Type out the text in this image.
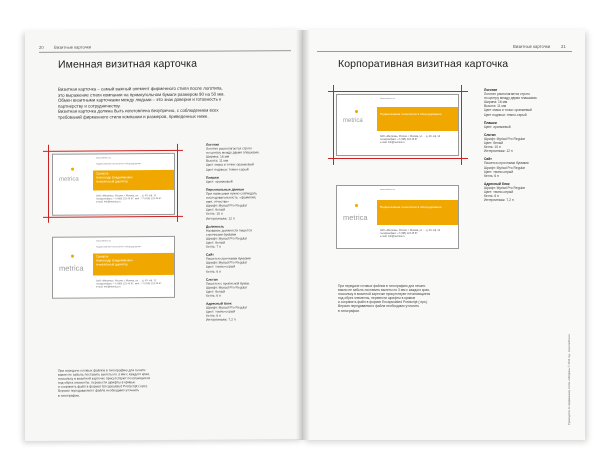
20 Визитные карточки
Именная визитная карточка
Визитная карточка – самый важный элемент фирменного стиля после логотипа,
это выражение стиля компании на прямоугольном бумаги размером 90 на 50 мм.
Обмен визитными карточками между людьми – это знак доверия и готовность к
партнерству и сотрудничеству.
Визитная карточка должна быть изготовлена безупречно, с соблюдением всех
требований фирменного стиля компании и размеров, приведенных ниже.
www.metrica.ru
Подмосковная технологии в обороудовании
metrica
Сумаров
Александр Владимирович
генеральный директор
ЗАО «Метрика», Россия, г. Москва, ул. ... д. 40, оф. 12
телефон/факс: +7 (495) 123 45 67, моб.: +7 (916) 123 45 67
e-mail: info@metrica.ru
www.metrica.ru
Подмосковная технологии в обороудовании
metrica
Сумаров
Александр Владимирович
генеральный директор
ЗАО «Метрика», Россия, г. Москва, ул. ... д. 40, оф. 12
телефон/факс: +7 (495) 123 45 67, моб.: +7 (916) 123 45 67
e-mail: info@metrica.ru
Логотип
Логотип располагается строго
по центру между двумя плашками.
Ширина: 16 мм
Высота: 11 мм
Цвет знака и точки: оранжевый
Цвет подписи: темно-серый
Плашки
Цвет: оранжевый
Персональные данные
При написании нужно соблюдать
последовательность: «фамилия,
имя, отчество»
Шрифт: Myriad Pro Regular
Цвет: белый
Кегль: 10 п
Интерлиньяж: 12 п
Должность
Название должности пишется
строчными буквами
Шрифт: Myriad Pro Regular
Цвет: белый
Кегль: 7 п
Сайт
Пишется строчными буквами
Шрифт: Myriad Pro Regular
Цвет: темно-серый
Кегль: 6 п
Слоган
Пишется с прописной буквы.
Шрифт: Myriad Pro Regular
Цвет: белый
Кегль: 6 п
Адресный блок
Шрифт: Myriad Pro Regular
Цвет: темно-серый
Кегль: 6 п
Интерлиньяж: 7,2 п
При передаче готовых файлов в типографию для печати
важно не забыть поставить вылеты по 3 мм с каждого края,
поскольку в визитной карточке присутствуют печатающиеся
под обрез элементы. перевести шрифты в кривые
и сохранить файл в формат Encapsulated Postscript (.eps).
Версию передаваемого файла необходимо уточнить
в типографии.
Визитные карточки	21
Корпоративная визитная карточка
www.metrica.ru
metrica
Подмосковная технологии в обороудовании
ЗАО «Метрика», Россия, г. Москва, ул. ... д. 40, оф. 12
телефон/факс: +7 (495) 123 45 67
e-mail: info@metrica.ru
www.metrica.ru
metrica
Подмосковная технологии в обороудовании
ЗАО «Метрика», Россия, г. Москва, ул. ... д. 40, оф. 12
телефон/факс: +7 (495) 123 45 67
e-mail: info@metrica.ru
Логотип
Логотип располагается строго
по центру между двумя плашками.
Ширина: 16 мм
Высота: 11 мм
Цвет знака и точки: оранжевый
Цвет подписи: темно-серый
Плашки
Цвет: оранжевый
Слоган
Шрифт: Myriad Pro Regular
Цвет: белый
Кегль: 10 п
Интерлиньяж: 12 п
Сайт
Пишется строчными буквами
Шрифт: Myriad Pro Regular
Цвет: темно-серый
Кегль: 6 п
Адресный блок
Шрифт: Myriad Pro Regular
Цвет: темно-серый
Кегль: 6 п
Интерлиньяж: 7,2 п
При передаче готовых файлов в типографию для печати
важно не забыть поставить вылеты по 3 мм с каждого края,
поскольку в визитной карточке присутствуют печатающиеся
под обрез элементы, перевести шрифты в кривые
и сохранить файл в формат Encapsulated Postscript (.eps).
Версию передаваемого файла необходимо уточнить
в типографии.
Руководство по фирменному стилю «Метрика» © 2012 год · www.metrica.ru
